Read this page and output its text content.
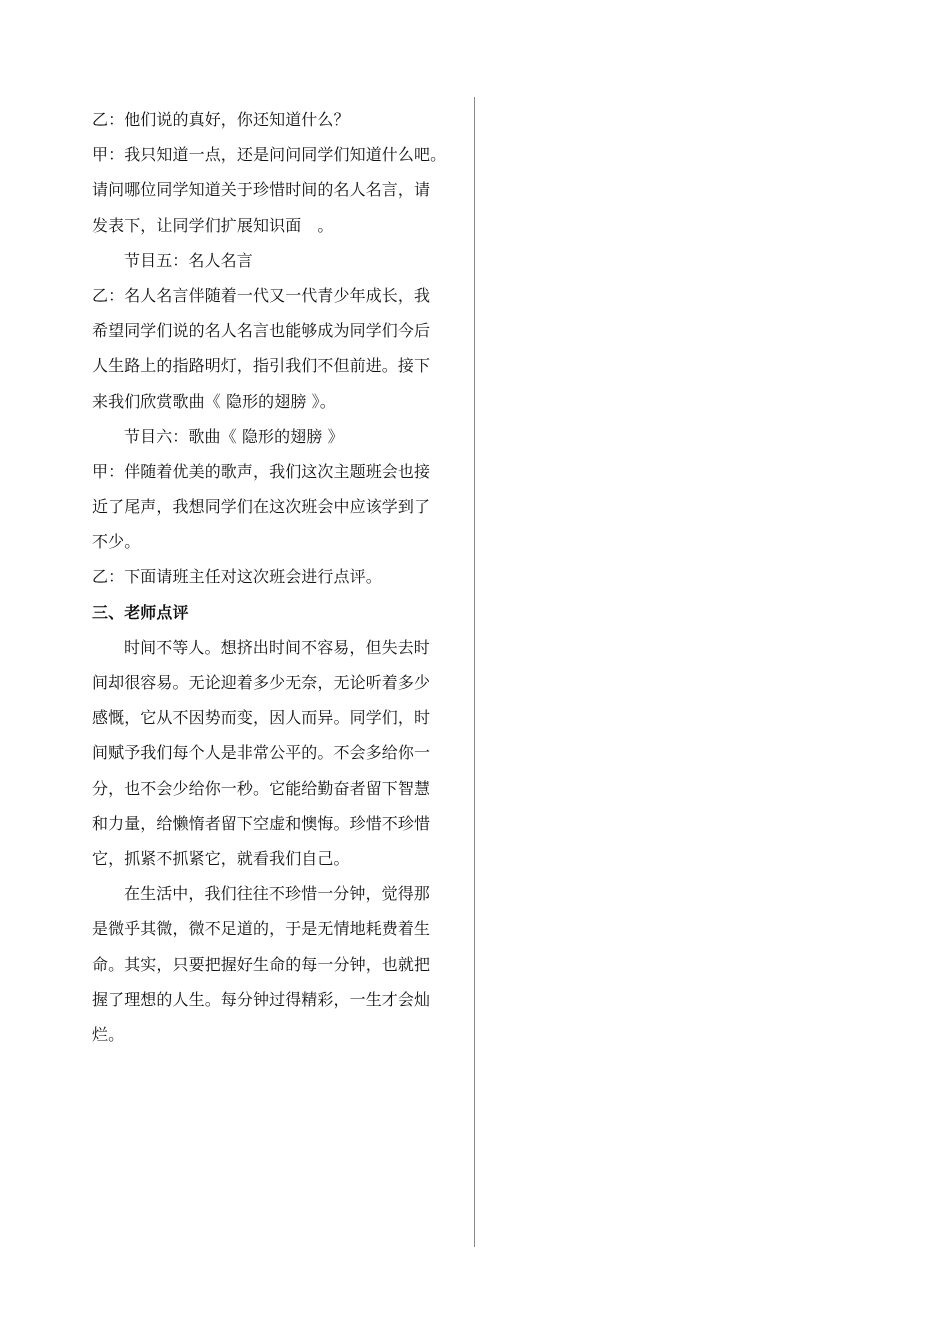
乙：他们说的真好，你还知道什么？
甲：我只知道一点，还是问问同学们知道什么吧。
请问哪位同学知道关于珍惜时间的名人名言，请
发表下，让同学们扩展知识面　。
节目五：名人名言
乙：名人名言伴随着一代又一代青少年成长，我
希望同学们说的名人名言也能够成为同学们今后
人生路上的指路明灯，指引我们不但前进。接下
来我们欣赏歌曲《 隐形的翅膀 》。
节目六：歌曲《 隐形的翅膀 》
甲：伴随着优美的歌声，我们这次主题班会也接
近了尾声，我想同学们在这次班会中应该学到了
不少。
乙：下面请班主任对这次班会进行点评。
三、老师点评
时间不等人。想挤出时间不容易，但失去时
间却很容易。无论迎着多少无奈，无论听着多少
感慨，它从不因势而变，因人而异。同学们，时
间赋予我们每个人是非常公平的。不会多给你一
分，也不会少给你一秒。它能给勤奋者留下智慧
和力量，给懒惰者留下空虚和懊悔。珍惜不珍惜
它，抓紧不抓紧它，就看我们自己。
在生活中，我们往往不珍惜一分钟，觉得那
是微乎其微，微不足道的，于是无情地耗费着生
命。其实，只要把握好生命的每一分钟，也就把
握了理想的人生。每分钟过得精彩，一生才会灿
烂。
